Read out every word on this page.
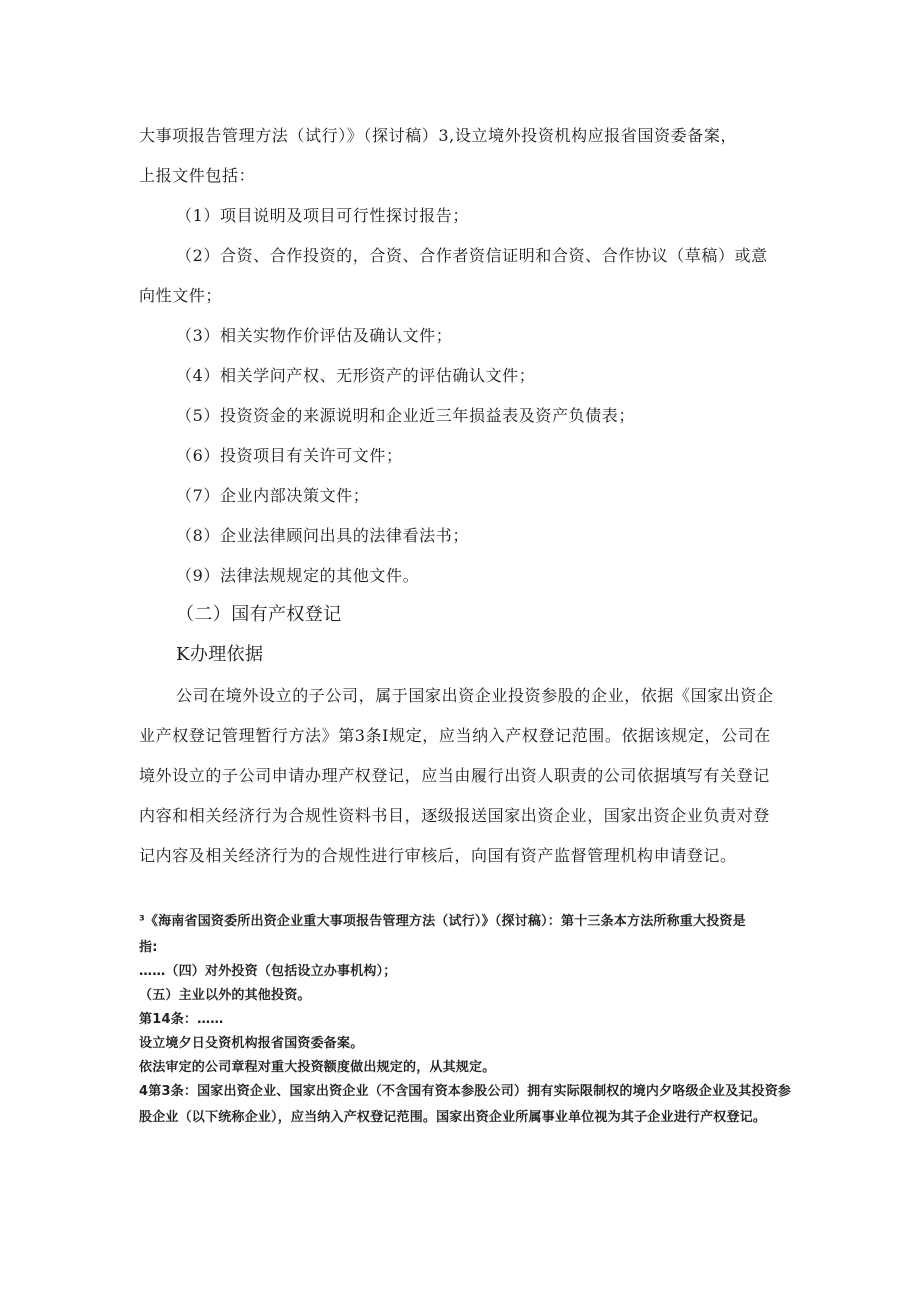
大事项报告管理方法（试行）》（探讨稿）3,设立境外投资机构应报省国资委备案，
上报文件包括：
（1）项目说明及项目可行性探讨报告；
（2）合资、合作投资的，合资、合作者资信证明和合资、合作协议（草稿）或意
向性文件；
（3）相关实物作价评估及确认文件；
（4）相关学问产权、无形资产的评估确认文件；
（5）投资资金的来源说明和企业近三年损益表及资产负债表；
（6）投资项目有关许可文件；
（7）企业内部决策文件；
（8）企业法律顾问出具的法律看法书；
（9）法律法规规定的其他文件。
（二）国有产权登记
K办理依据
公司在境外设立的子公司，属于国家出资企业投资参股的企业，依据《国家出资企
业产权登记管理暂行方法》第3条I规定，应当纳入产权登记范围。依据该规定，公司在
境外设立的子公司申请办理产权登记，应当由履行出资人职责的公司依据填写有关登记
内容和相关经济行为合规性资料书目，逐级报送国家出资企业，国家出资企业负责对登
记内容及相关经济行为的合规性进行审核后，向国有资产监督管理机构申请登记。
³《海南省国资委所出资企业重大事项报告管理方法（试行）》（探讨稿）：第十三条本方法所称重大投资是
指:
……（四）对外投资（包括设立办事机构）；
（五）主业以外的其他投资。
第14条：……
设立境夕日殳资机构报省国资委备案。
依法审定的公司章程对重大投资额度做出规定的，从其规定。
4第3条：国家出资企业、国家出资企业（不含国有资本参股公司）拥有实际限制权的境内夕咯级企业及其投资参
股企业（以下统称企业），应当纳入产权登记范围。国家出资企业所属事业单位视为其子企业进行产权登记。
